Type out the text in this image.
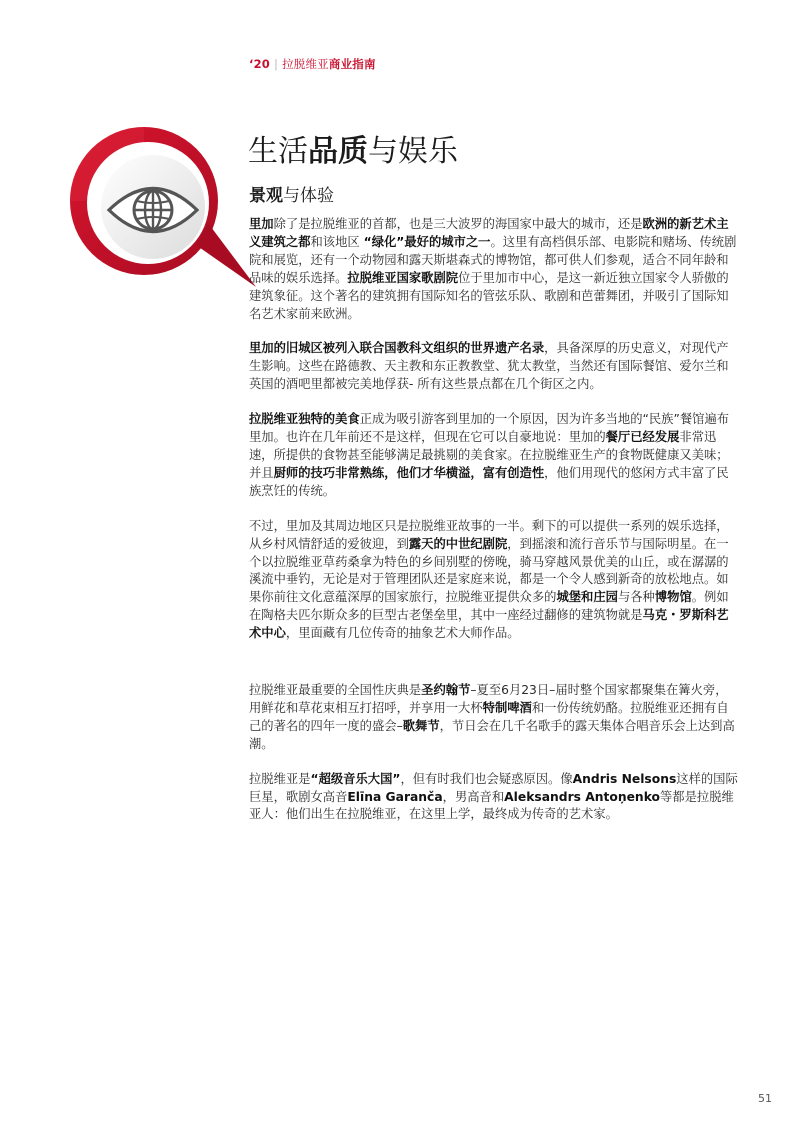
‘20 | 拉脱维亚商业指南
生活品质与娱乐
景观与体验

里加除了是拉脱维亚的首都，也是三大波罗的海国家中最大的城市，还是欧洲的新艺术主义建筑之都和该地区 “绿化”最好的城市之一。这里有高档俱乐部、电影院和赌场、传统剧院和展览，还有一个动物园和露天斯堪森式的博物馆，都可供人们参观，适合不同年龄和品味的娱乐选择。拉脱维亚国家歌剧院位于里加市中心，是这一新近独立国家令人骄傲的建筑象征。这个著名的建筑拥有国际知名的管弦乐队、歌剧和芭蕾舞团，并吸引了国际知名艺术家前来欧洲。

里加的旧城区被列入联合国教科文组织的世界遗产名录，具备深厚的历史意义，对现代产生影响。这些在路德教、天主教和东正教教堂、犹太教堂，当然还有国际餐馆、爱尔兰和英国的酒吧里都被完美地俘获- 所有这些景点都在几个街区之内。

拉脱维亚独特的美食正成为吸引游客到里加的一个原因，因为许多当地的“民族”餐馆遍布里加。也许在几年前还不是这样，但现在它可以自豪地说：里加的餐厅已经发展非常迅速，所提供的食物甚至能够满足最挑剔的美食家。在拉脱维亚生产的食物既健康又美味；并且厨师的技巧非常熟练，他们才华横溢，富有创造性，他们用现代的悠闲方式丰富了民族烹饪的传统。

不过，里加及其周边地区只是拉脱维亚故事的一半。剩下的可以提供一系列的娱乐选择，从乡村风情舒适的爱彼迎，到露天的中世纪剧院，到摇滚和流行音乐节与国际明星。在一个以拉脱维亚草药桑拿为特色的乡间别墅的傍晚，骑马穿越风景优美的山丘，或在潺潺的溪流中垂钓，无论是对于管理团队还是家庭来说，都是一个令人感到新奇的放松地点。如果你前往文化意蕴深厚的国家旅行，拉脱维亚提供众多的城堡和庄园与各种博物馆。例如在陶格夫匹尔斯众多的巨型古老堡垒里，其中一座经过翻修的建筑物就是马克・罗斯科艺术中心，里面藏有几位传奇的抽象艺术大师作品。

拉脱维亚最重要的全国性庆典是圣约翰节–夏至6月23日–届时整个国家都聚集在篝火旁，用鲜花和草花束相互打招呼，并享用一大杯特制啤酒和一份传统奶酪。拉脱维亚还拥有自己的著名的四年一度的盛会–歌舞节，节日会在几千名歌手的露天集体合唱音乐会上达到高潮。

拉脱维亚是“超级音乐大国”，但有时我们也会疑惑原因。像Andris Nelsons这样的国际巨星，歌剧女高音Elīna Garanča，男高音和Aleksandrs Antoņenko等都是拉脱维亚人：他们出生在拉脱维亚，在这里上学，最终成为传奇的艺术家。

51
